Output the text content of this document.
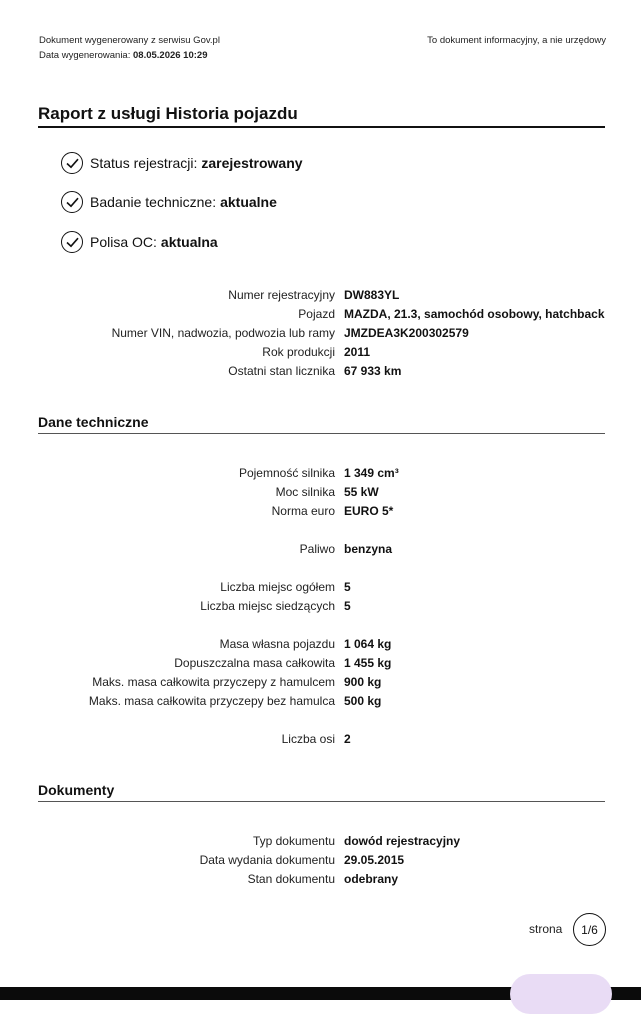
Dokument wygenerowany z serwisu Gov.pl
Data wygenerowania: 08.05.2026 10:29
To dokument informacyjny, a nie urzędowy
Raport z usługi Historia pojazdu
Status rejestracji: zarejestrowany
Badanie techniczne: aktualne
Polisa OC: aktualna
Numer rejestracyjny DW883YL
Pojazd MAZDA, 21.3, samochód osobowy, hatchback
Numer VIN, nadwozia, podwozia lub ramy JMZDEA3K200302579
Rok produkcji 2011
Ostatni stan licznika 67 933 km
Dane techniczne
Pojemność silnika 1 349 cm³
Moc silnika 55 kW
Norma euro EURO 5*
Paliwo benzyna
Liczba miejsc ogółem 5
Liczba miejsc siedzących 5
Masa własna pojazdu 1 064 kg
Dopuszczalna masa całkowita 1 455 kg
Maks. masa całkowita przyczepy z hamulcem 900 kg
Maks. masa całkowita przyczepy bez hamulca 500 kg
Liczba osi 2
Dokumenty
Typ dokumentu dowód rejestracyjny
Data wydania dokumentu 29.05.2015
Stan dokumentu odebrany
strona	1/6
